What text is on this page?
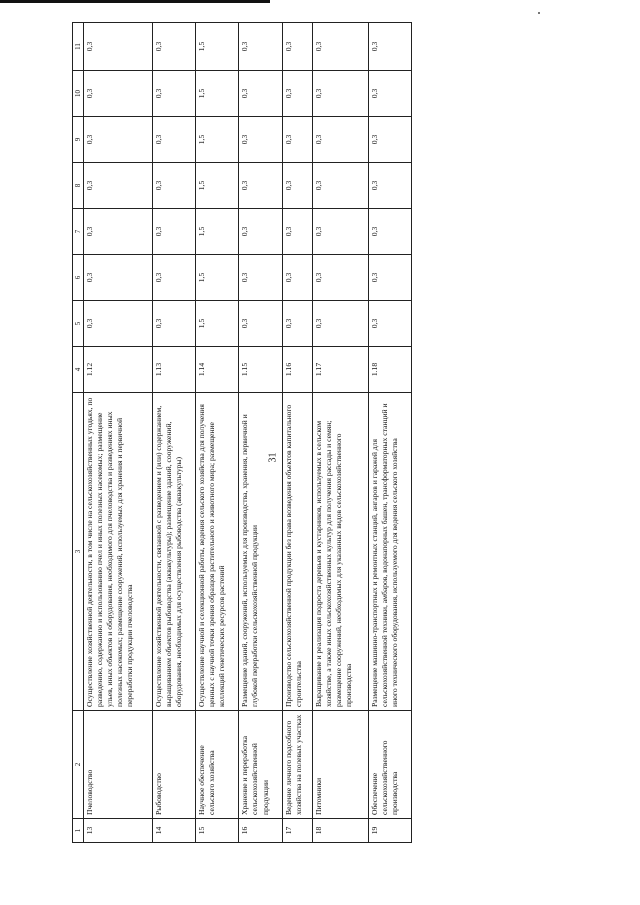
31
1	2	3	4	5	6	7	8	9	10	11
13	Пчеловодство	Осуществление хозяйственной деятельности, в том числе на сельскохозяйственных угодьях, по разведению, содержанию и использованию пчел и иных полезных насекомых; размещение ульев, иных объектов и оборудования, необходимого для пчеловодства и разведениях иных полезных насекомых; размещение сооружений, используемых для хранения и первичной переработки продукции пчеловодства	1.12	0,3	0,3	0,3	0,3	0,3	0,3	0,3
14	Рыбоводство	Осуществление хозяйственной деятельности, связанной с разведением и (или) содержанием, выращиванием объектов рыбоводства (аквакультуры); размещение зданий, сооружений, оборудования, необходимых для осуществления рыбоводства (аквакультуры)	1.13	0,3	0,3	0,3	0,3	0,3	0,3	0,3
15	Научное обеспечение сельского хозяйства	Осуществление научной и селекционной работы, ведения сельского хозяйства для получения ценных с научной точки зрения образцов растительного и животного мира; размещение коллекций генетических ресурсов растений	1.14	1,5	1,5	1,5	1,5	1,5	1,5	1,5
16	Хранение и переработка сельскохозяйственной продукции	Размещение зданий, сооружений, используемых для производства, хранения, первичной и глубокой переработки сельскохозяйственной продукции	1.15	0,3	0,3	0,3	0,3	0,3	0,3	0,3
17	Ведение личного подсобного хозяйства на полевых участках	Производство сельскохозяйственной продукции без права возведения объектов капитального строительства	1.16	0,3	0,3	0,3	0,3	0,3	0,3	0,3
18	Питомники	Выращивание и реализация подроста деревьев и кустарников, используемых в сельском хозяйстве, а также иных сельскохозяйственных культур для получения рассады и семян; размещение сооружений, необходимых для указанных видов сельскохозяйственного производства	1.17	0,3	0,3	0,3	0,3	0,3	0,3	0,3
19	Обеспечение сельскохозяйственного производства	Размещение машинно-транспортных и ремонтных станций, ангаров и гаражей для сельскохозяйственной техники, амбаров, водонапорных башен, трансформаторных станций и иного технического оборудования, используемого для ведения сельского хозяйства	1.18	0,3	0,3	0,3	0,3	0,3	0,3	0,3
